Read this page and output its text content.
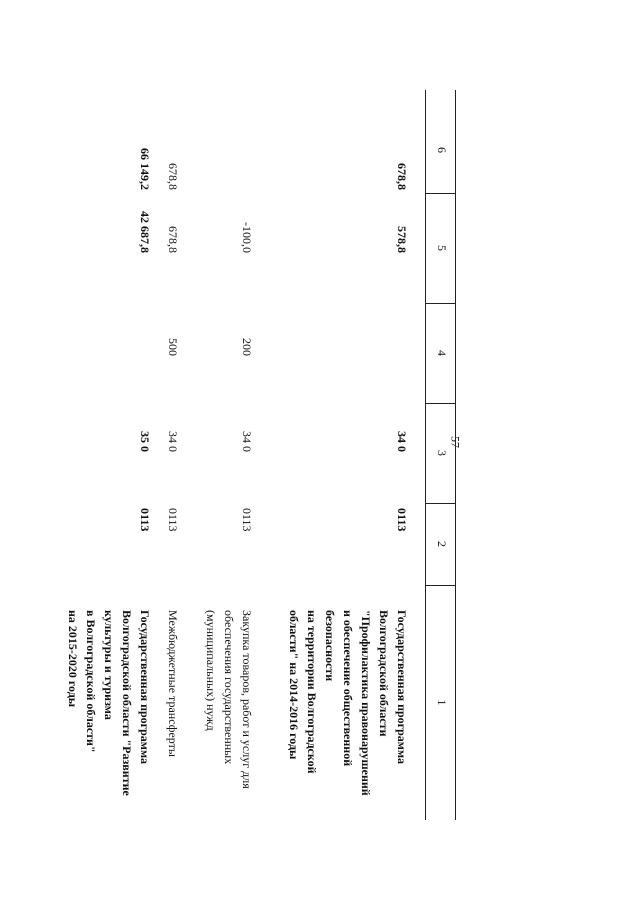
57
6
5
4
3
2
1
678,8
578,8
34 0
0113
Государственная программа
Волгоградской области
"Профилактика правонарушений
и обеспечение общественной
безопасности
на территории Волгоградской
области" на 2014-2016 годы
-100,0
200
34 0
0113
Закупка товаров, работ и услуг для
обеспечения государственных
(муниципальных) нужд
678,8
678,8
500
34 0
0113
Межбюджетные трансферты
66 149,2
42 687,8
35 0
0113
Государственная программа
Волгоградской области "Развитие
культуры и туризма
в Волгоградской области"
на 2015-2020 годы
